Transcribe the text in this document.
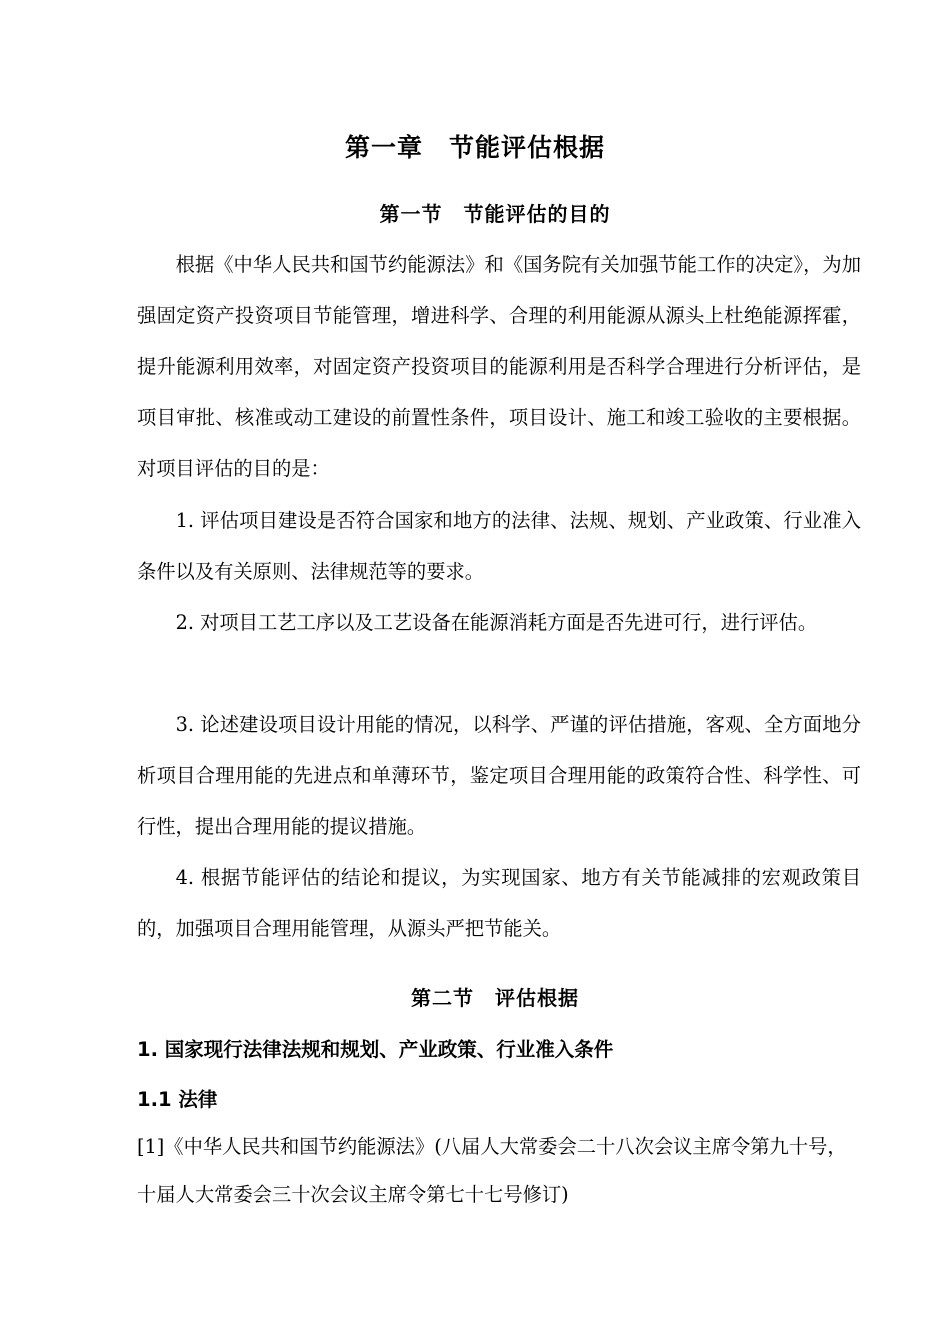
第一章　节能评估根据
第一节　节能评估的目的

根据《中华人民共和国节约能源法》和《国务院有关加强节能工作的决定》，为加强固定资产投资项目节能管理，增进科学、合理的利用能源从源头上杜绝能源挥霍，提升能源利用效率，对固定资产投资项目的能源利用是否科学合理进行分析评估，是项目审批、核准或动工建设的前置性条件，项目设计、施工和竣工验收的主要根据。对项目评估的目的是：

1. 评估项目建设是否符合国家和地方的法律、法规、规划、产业政策、行业准入条件以及有关原则、法律规范等的要求。

2. 对项目工艺工序以及工艺设备在能源消耗方面是否先进可行，进行评估。

3. 论述建设项目设计用能的情况，以科学、严谨的评估措施，客观、全方面地分析项目合理用能的先进点和单薄环节，鉴定项目合理用能的政策符合性、科学性、可行性，提出合理用能的提议措施。

4. 根据节能评估的结论和提议，为实现国家、地方有关节能减排的宏观政策目的，加强项目合理用能管理，从源头严把节能关。

第二节　评估根据
1. 国家现行法律法规和规划、产业政策、行业准入条件
1.1 法律

[1]《中华人民共和国节约能源法》(八届人大常委会二十八次会议主席令第九十号，十届人大常委会三十次会议主席令第七十七号修订)
